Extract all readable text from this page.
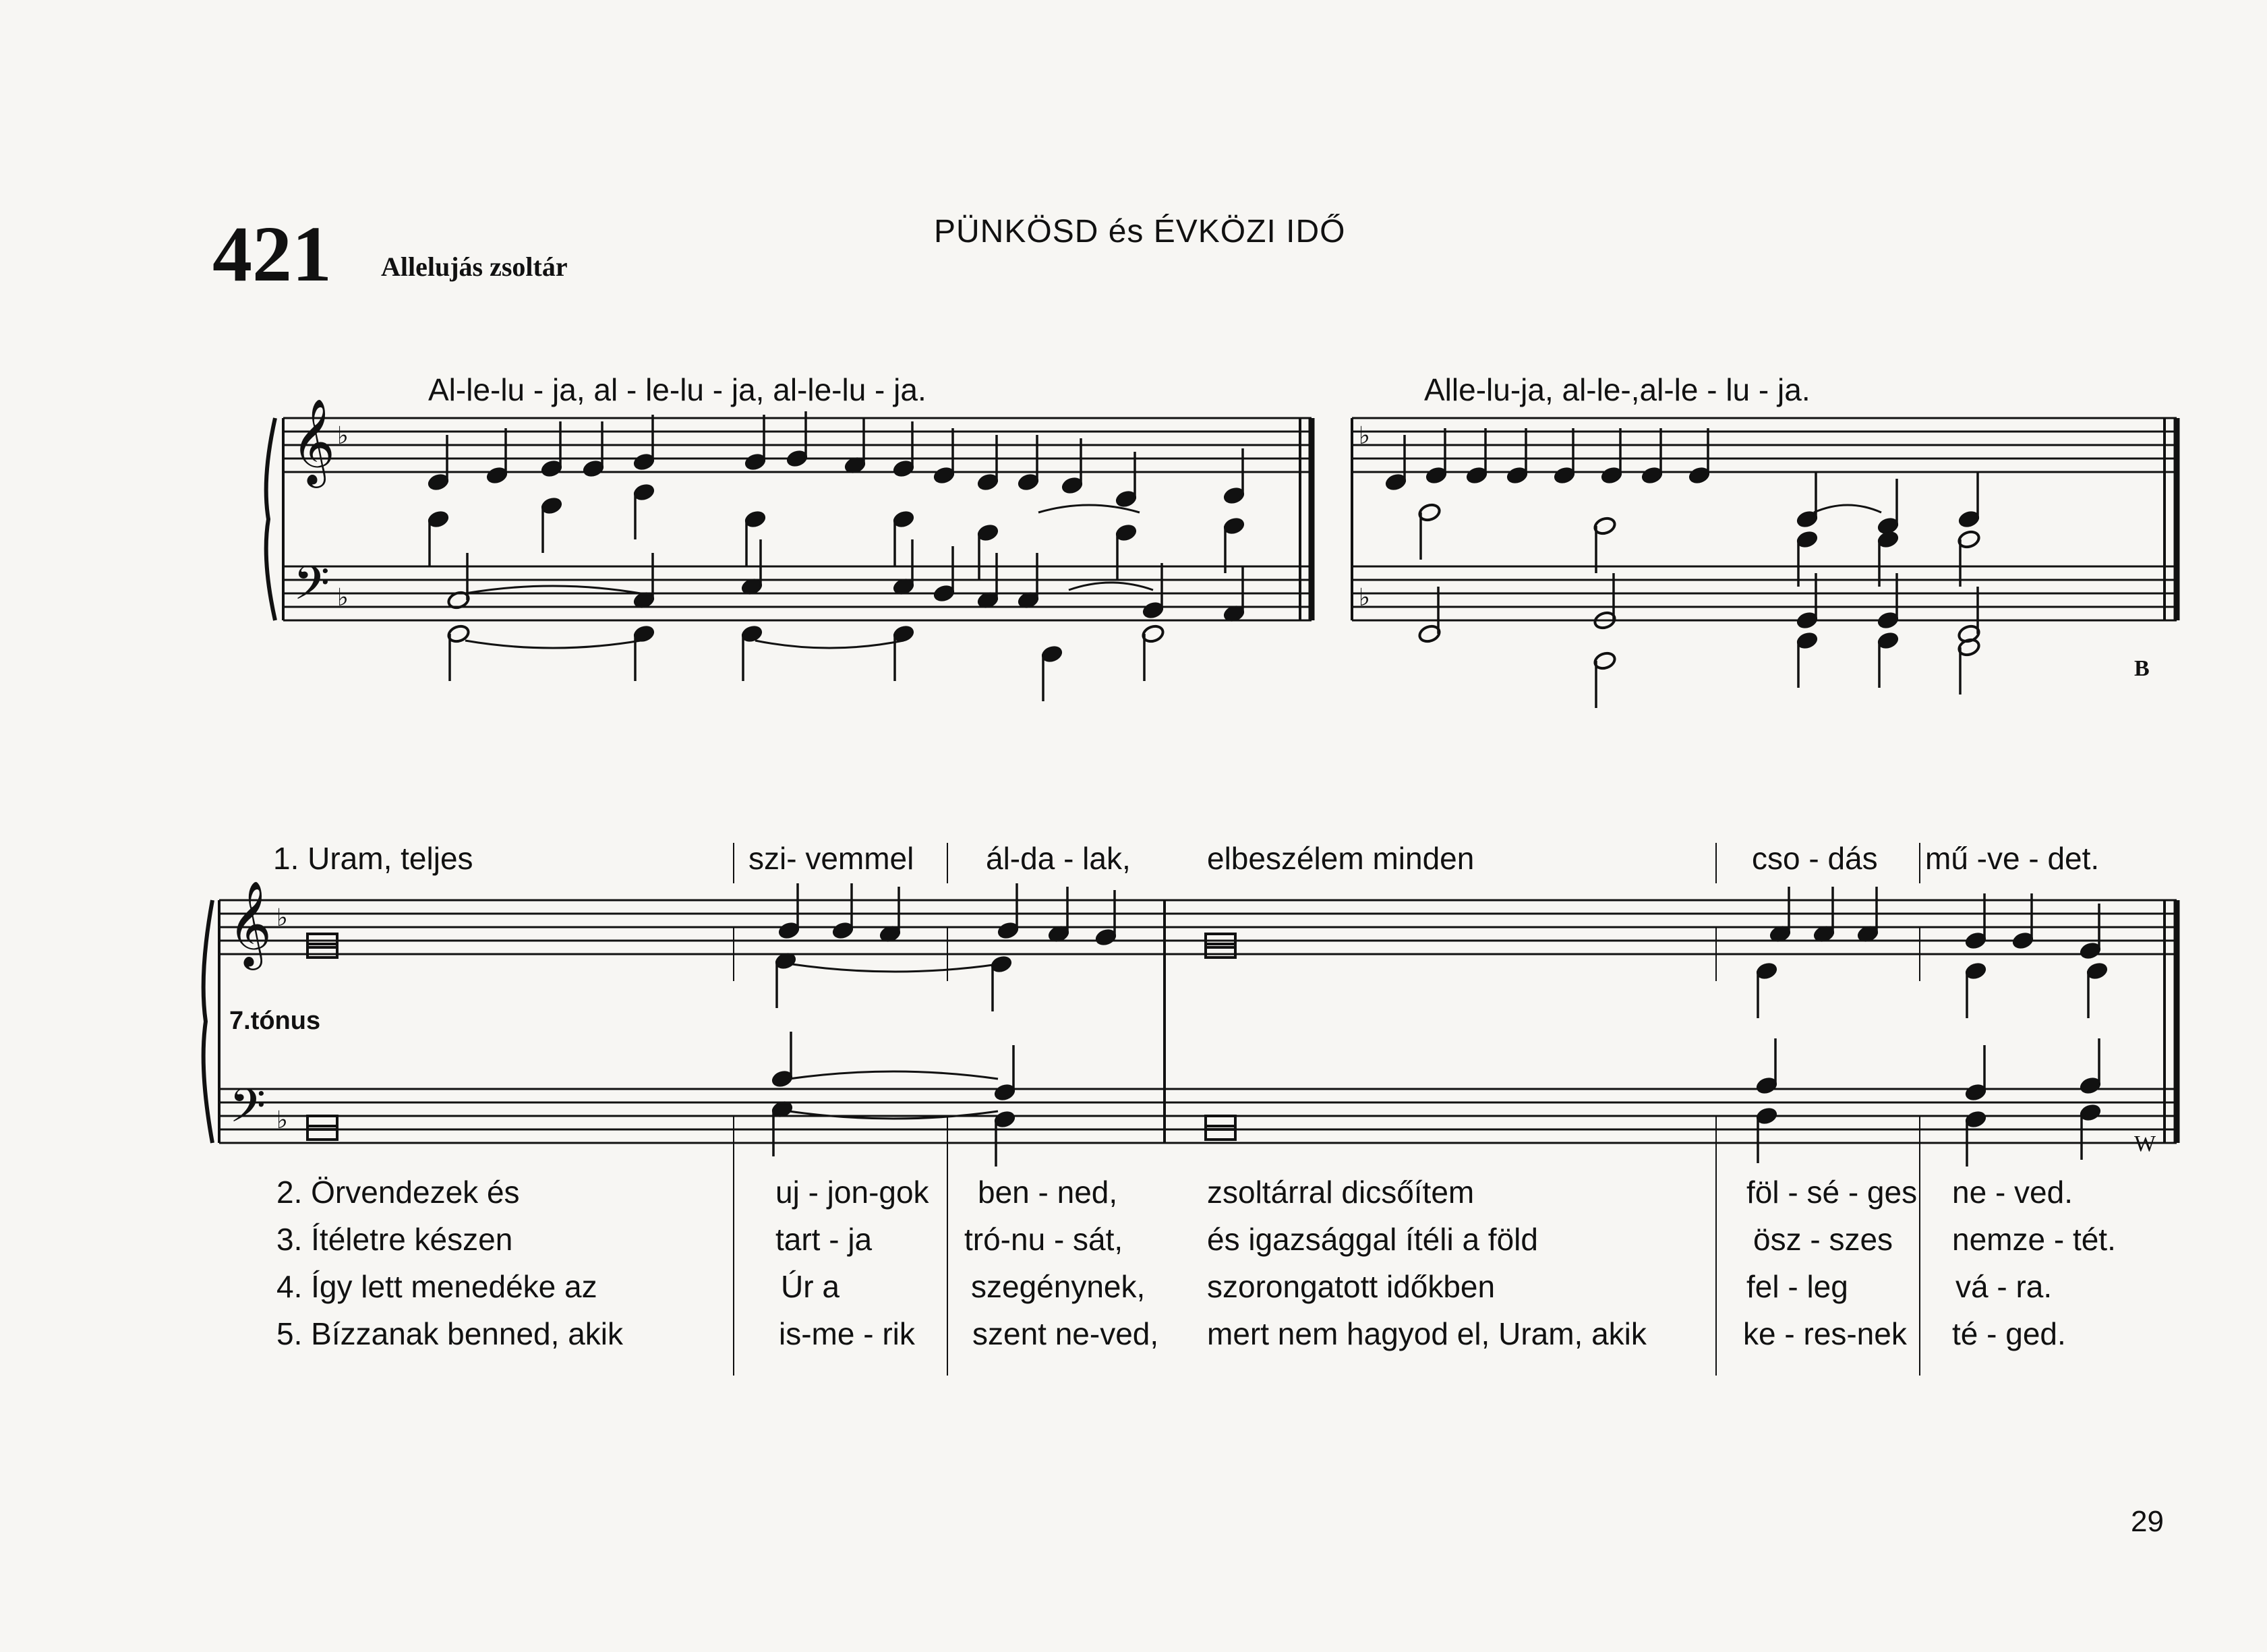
421 Allelujás zsoltár
PÜNKÖSD és ÉVKÖZI IDŐ
Al-le-lu - ja, al - le-lu - ja, al-le-lu - ja.	Alle-lu-ja, al-le-,al-le - lu - ja.
B
7.tónus
W
1. Uram, teljes	szi- vemmel ál-da - lak, elbeszélem minden	cso - dás mű -ve - det.
2. Örvendezek és	uj - jon-gok ben - ned,	zsoltárral dicsőítem	föl - sé - ges ne - ved.
3. Ítéletre készen	tart - ja	tró-nu - sát,	és igazsággal ítéli a föld	ösz - szes nemze - tét.
4. Így lett menedéke az	Úr a	szegénynek, szorongatott időkben	fel - leg	vá - ra.
5. Bízzanak benned, akik	is-me - rik szent ne-ved, mert nem hagyod el, Uram, akik	ke - res-nek té - ged.
29
𝄞
𝄢
♭
♭
♭
♭
𝄞
𝄢
♭
♭
